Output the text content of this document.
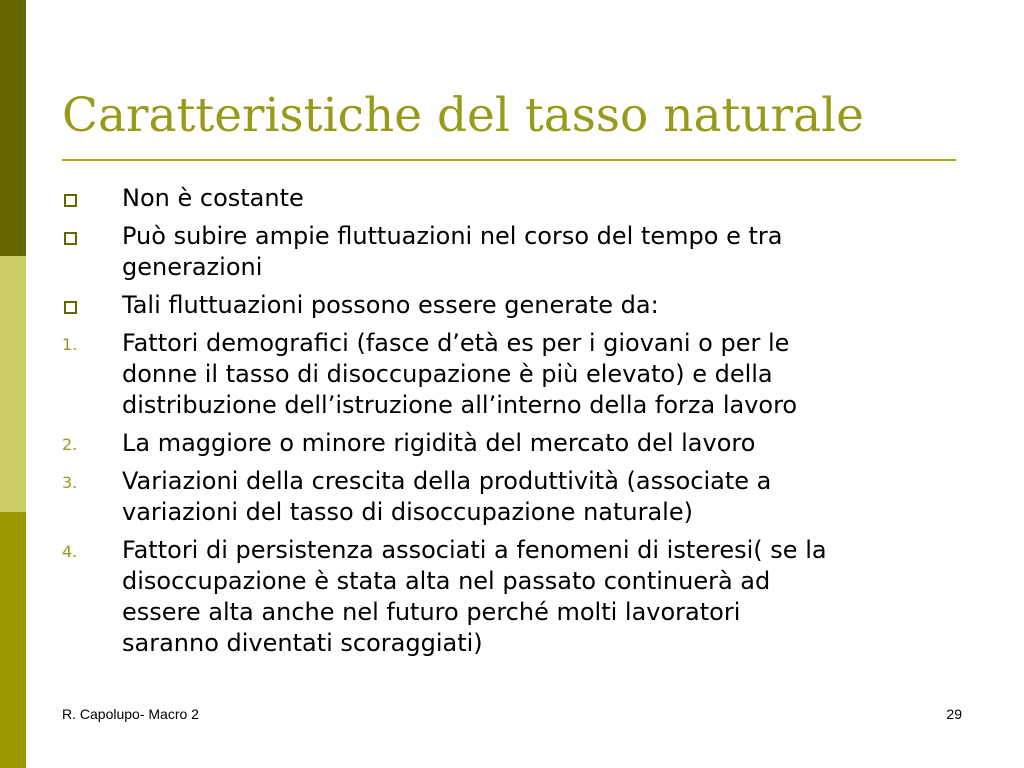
Caratteristiche del tasso naturale
Non è costante
Può subire ampie fluttuazioni nel corso del tempo e tra
generazioni
Tali fluttuazioni possono essere generate da:
1. Fattori demografici (fasce d’età es per i giovani o per le
donne il tasso di disoccupazione è più elevato) e della
distribuzione dell’istruzione all’interno della forza lavoro
2. La maggiore o minore rigidità del mercato del lavoro
3. Variazioni della crescita della produttività (associate a
variazioni del tasso di disoccupazione naturale)
4. Fattori di persistenza associati a fenomeni di isteresi( se la
disoccupazione è stata alta nel passato continuerà ad
essere alta anche nel futuro perché molti lavoratori
saranno diventati scoraggiati)
R. Capolupo- Macro 2	29
